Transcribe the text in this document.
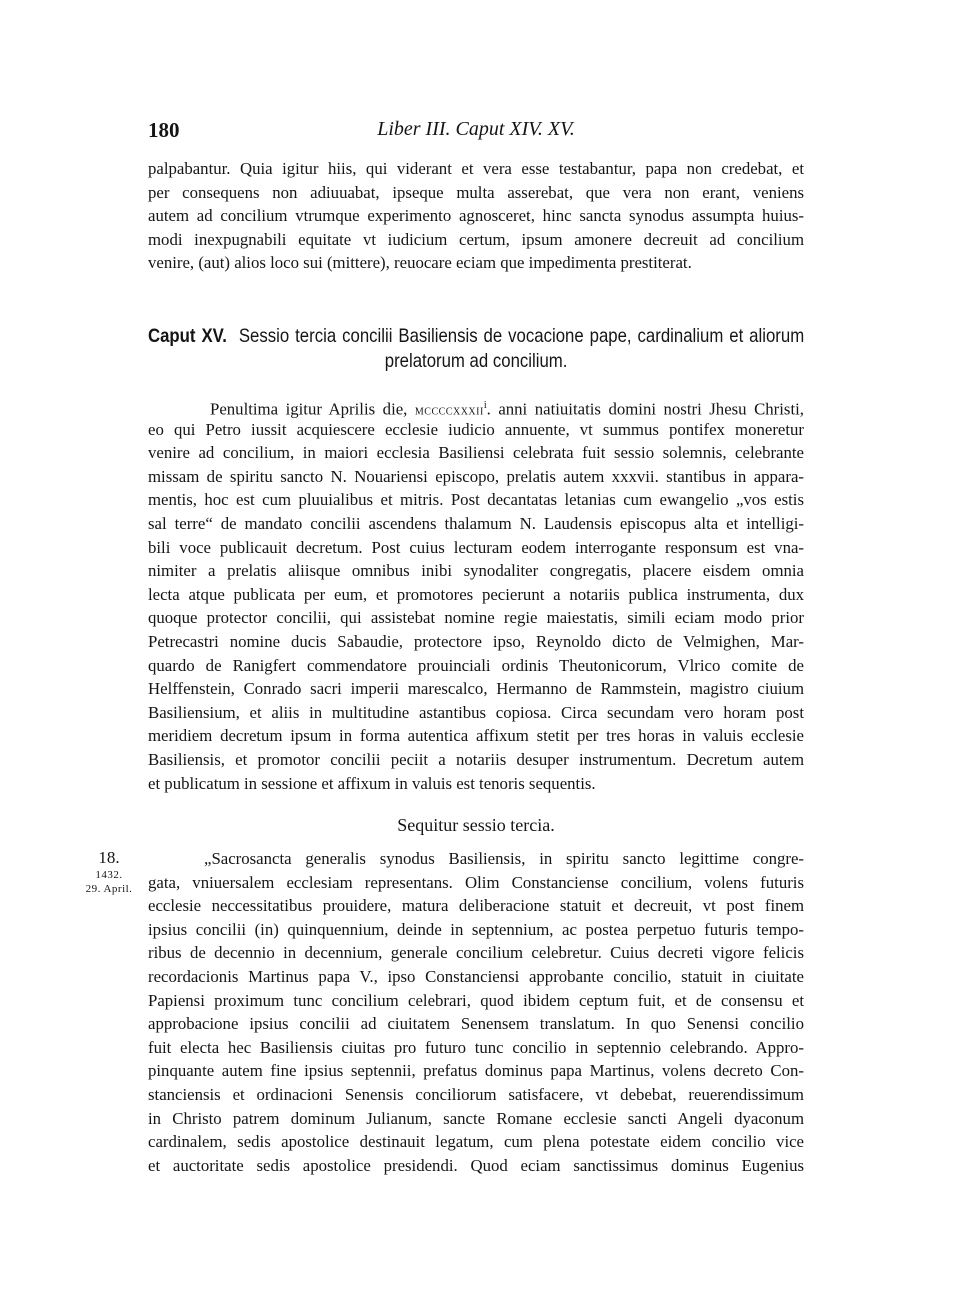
180	Liber III. Caput XIV. XV.
palpabantur. Quia igitur hiis, qui viderant et vera esse testabantur, papa non credebat, et
per consequens non adiuuabat, ipseque multa asserebat, que vera non erant, veniens
autem ad concilium vtrumque experimento agnosceret, hinc sancta synodus assumpta huius-
modi inexpugnabili equitate vt iudicium certum, ipsum amonere decreuit ad concilium
venire, (aut) alios loco sui (mittere), reuocare eciam que impedimenta prestiterat.
Caput XV. Sessio tercia concilii Basiliensis de vocacione pape, cardinalium et aliorum
prelatorum ad concilium.
Penultima igitur Aprilis die, mccccxxxii$^i$. anni natiuitatis domini nostri Jhesu Christi,
eo qui Petro iussit acquiescere ecclesie iudicio annuente, vt summus pontifex moneretur
venire ad concilium, in maiori ecclesia Basiliensi celebrata fuit sessio solemnis, celebrante
missam de spiritu sancto N. Nouariensi episcopo, prelatis autem xxxvii. stantibus in appara-
mentis, hoc est cum pluuialibus et mitris. Post decantatas letanias cum ewangelio „vos estis
sal terre“ de mandato concilii ascendens thalamum N. Laudensis episcopus alta et intelligi-
bili voce publicauit decretum. Post cuius lecturam eodem interrogante responsum est vna-
nimiter a prelatis aliisque omnibus inibi synodaliter congregatis, placere eisdem omnia
lecta atque publicata per eum, et promotores pecierunt a notariis publica instrumenta, dux
quoque protector concilii, qui assistebat nomine regie maiestatis, simili eciam modo prior
Petrecastri nomine ducis Sabaudie, protectore ipso, Reynoldo dicto de Velmighen, Mar-
quardo de Ranigfert commendatore prouinciali ordinis Theutonicorum, Vlrico comite de
Helffenstein, Conrado sacri imperii marescalco, Hermanno de Rammstein, magistro ciuium
Basiliensium, et aliis in multitudine astantibus copiosa. Circa secundam vero horam post
meridiem decretum ipsum in forma autentica affixum stetit per tres horas in valuis ecclesie
Basiliensis, et promotor concilii peciit a notariis desuper instrumentum. Decretum autem
et publicatum in sessione et affixum in valuis est tenoris sequentis.
Sequitur sessio tercia.
18.
1432.
29. April.
„Sacrosancta generalis synodus Basiliensis, in spiritu sancto legittime congre-
gata, vniuersalem ecclesiam representans. Olim Constanciense concilium, volens futuris
ecclesie neccessitatibus prouidere, matura deliberacione statuit et decreuit, vt post finem
ipsius concilii (in) quinquennium, deinde in septennium, ac postea perpetuo futuris tempo-
ribus de decennio in decennium, generale concilium celebretur. Cuius decreti vigore felicis
recordacionis Martinus papa V., ipso Constanciensi approbante concilio, statuit in ciuitate
Papiensi proximum tunc concilium celebrari, quod ibidem ceptum fuit, et de consensu et
approbacione ipsius concilii ad ciuitatem Senensem translatum. In quo Senensi concilio
fuit electa hec Basiliensis ciuitas pro futuro tunc concilio in septennio celebrando. Appro-
pinquante autem fine ipsius septennii, prefatus dominus papa Martinus, volens decreto Con-
stanciensis et ordinacioni Senensis conciliorum satisfacere, vt debebat, reuerendissimum
in Christo patrem dominum Julianum, sancte Romane ecclesie sancti Angeli dyaconum
cardinalem, sedis apostolice destinauit legatum, cum plena potestate eidem concilio vice
et auctoritate sedis apostolice presidendi. Quod eciam sanctissimus dominus Eugenius
